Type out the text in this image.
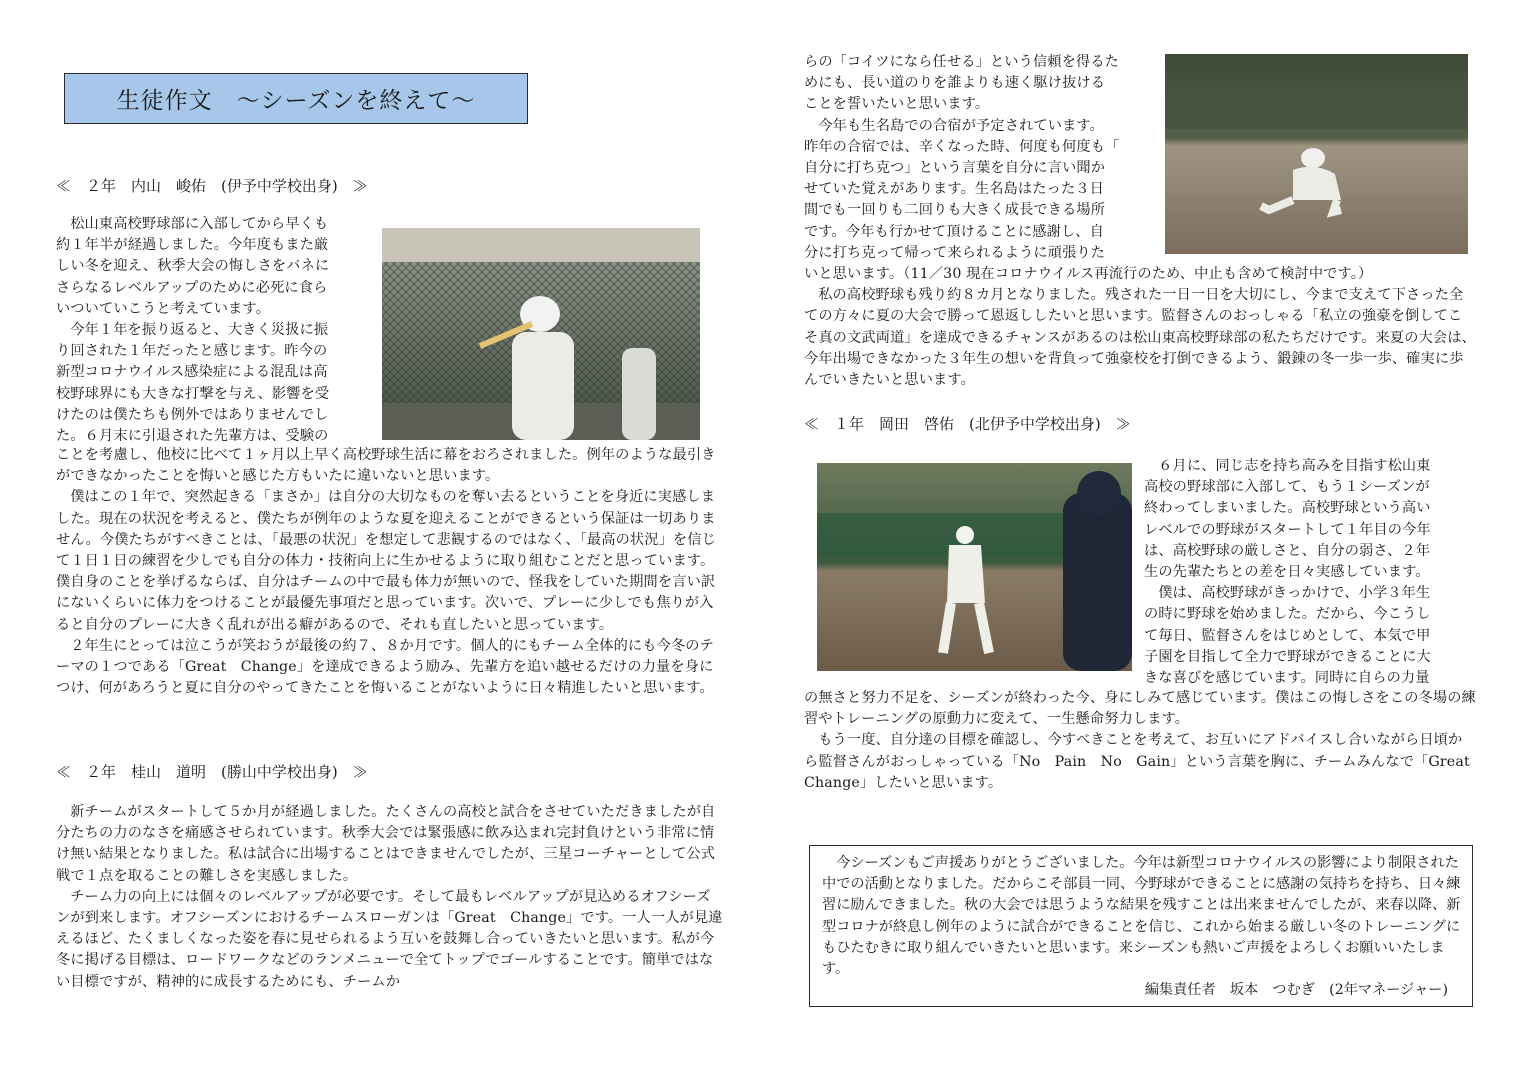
生徒作文　～シーズンを終えて～
≪　２年　内山　峻佑　(伊予中学校出身)　≫
松山東高校野球部に入部してから早くも
約１年半が経過しました。今年度もまた厳
しい冬を迎え、秋季大会の悔しさをバネに
さらなるレベルアップのために必死に食ら
いついていこうと考えています。
今年１年を振り返ると、大きく災扱に振
り回された１年だったと感じます。昨今の
新型コロナウイルス感染症による混乱は高
校野球界にも大きな打撃を与え、影響を受
けたのは僕たちも例外ではありませんでし
た。６月末に引退された先輩方は、受験の

ことを考慮し、他校に比べて１ヶ月以上早く高校野球生活に幕をおろされました。例年のような最引きができなかったことを悔いと感じた方もいたに違いないと思います。

僕はこの１年で、突然起きる「まさか」は自分の大切なものを奪い去るということを身近に実感しました。現在の状況を考えると、僕たちが例年のような夏を迎えることができるという保証は一切ありません。今僕たちがすべきことは、「最悪の状況」を想定して悲観するのではなく、「最高の状況」を信じて１日１日の練習を少しでも自分の体力・技術向上に生かせるように取り組むことだと思っています。僕自身のことを挙げるならば、自分はチームの中で最も体力が無いので、怪我をしていた期間を言い訳にないくらいに体力をつけることが最優先事項だと思っています。次いで、プレーに少しでも焦りが入ると自分のプレーに大きく乱れが出る癖があるので、それも直したいと思っています。

２年生にとっては泣こうが笑おうが最後の約７、８か月です。個人的にもチーム全体的にも今冬のテーマの１つである「Great　Change」を達成できるよう励み、先輩方を追い越せるだけの力量を身につけ、何があろうと夏に自分のやってきたことを悔いることがないように日々精進したいと思います。

≪　２年　桂山　道明　(勝山中学校出身)　≫

新チームがスタートして５か月が経過しました。たくさんの高校と試合をさせていただきましたが自分たちの力のなさを痛感させられています。秋季大会では緊張感に飲み込まれ完封負けという非常に情け無い結果となりました。私は試合に出場することはできませんでしたが、三星コーチャーとして公式戦で１点を取ることの難しさを実感しました。

チーム力の向上には個々のレベルアップが必要です。そして最もレベルアップが見込めるオフシーズンが到来します。オフシーズンにおけるチームスローガンは「Great　Change」です。一人一人が見違えるほど、たくましくなった姿を春に見せられるよう互いを鼓舞し合っていきたいと思います。私が今冬に掲げる目標は、ロードワークなどのランメニューで全てトップでゴールすることです。簡単ではない目標ですが、精神的に成長するためにも、チームか

らの「コイツになら任せる」という信頼を得るた
めにも、長い道のりを誰よりも速く駆け抜ける
ことを誓いたいと思います。
　今年も生名島での合宿が予定されています。
昨年の合宿では、辛くなった時、何度も何度も「
自分に打ち克つ」という言葉を自分に言い聞か
せていた覚えがあります。生名島はたった３日
間でも一回りも二回りも大きく成長できる場所
です。今年も行かせて頂けることに感謝し、自
分に打ち克って帰って来られるように頑張りた

いと思います。（11／30 現在コロナウイルス再流行のため、中止も含めて検討中です。）

私の高校野球も残り約８カ月となりました。残された一日一日を大切にし、今まで支えて下さった全ての方々に夏の大会で勝って恩返ししたいと思います。監督さんのおっしゃる「私立の強豪を倒してこそ真の文武両道」を達成できるチャンスがあるのは松山東高校野球部の私たちだけです。来夏の大会は、今年出場できなかった３年生の想いを背負って強豪校を打倒できるよう、鍛錬の冬一歩一歩、確実に歩んでいきたいと思います。

≪　１年　岡田　啓佑　(北伊予中学校出身)　≫
６月に、同じ志を持ち高みを目指す松山東
高校の野球部に入部して、もう１シーズンが
終わってしまいました。高校野球という高い
レベルでの野球がスタートして１年目の今年
は、高校野球の厳しさと、自分の弱さ、２年
生の先輩たちとの差を日々実感しています。
僕は、高校野球がきっかけで、小学３年生
の時に野球を始めました。だから、今こうし
て毎日、監督さんをはじめとして、本気で甲
子園を目指して全力で野球ができることに大
きな喜びを感じています。同時に自らの力量

の無さと努力不足を、シーズンが終わった今、身にしみて感じています。僕はこの悔しさをこの冬場の練習やトレーニングの原動力に変えて、一生懸命努力します。

もう一度、自分達の目標を確認し、今すべきことを考えて、お互いにアドバイスし合いながら日頃から監督さんがおっしゃっている「No　Pain　No　Gain」という言葉を胸に、チームみんなで「Great　Change」したいと思います。

今シーズンもご声援ありがとうございました。今年は新型コロナウイルスの影響により制限された中での活動となりました。だからこそ部員一同、今野球ができることに感謝の気持ちを持ち、日々練習に励んできました。秋の大会では思うような結果を残すことは出来ませんでしたが、来春以降、新型コロナが終息し例年のように試合ができることを信じ、これから始まる厳しい冬のトレーニングにもひたむきに取り組んでいきたいと思います。来シーズンも熱いご声援をよろしくお願いいたします。

編集責任者　坂本　つむぎ　(2年マネージャー)
